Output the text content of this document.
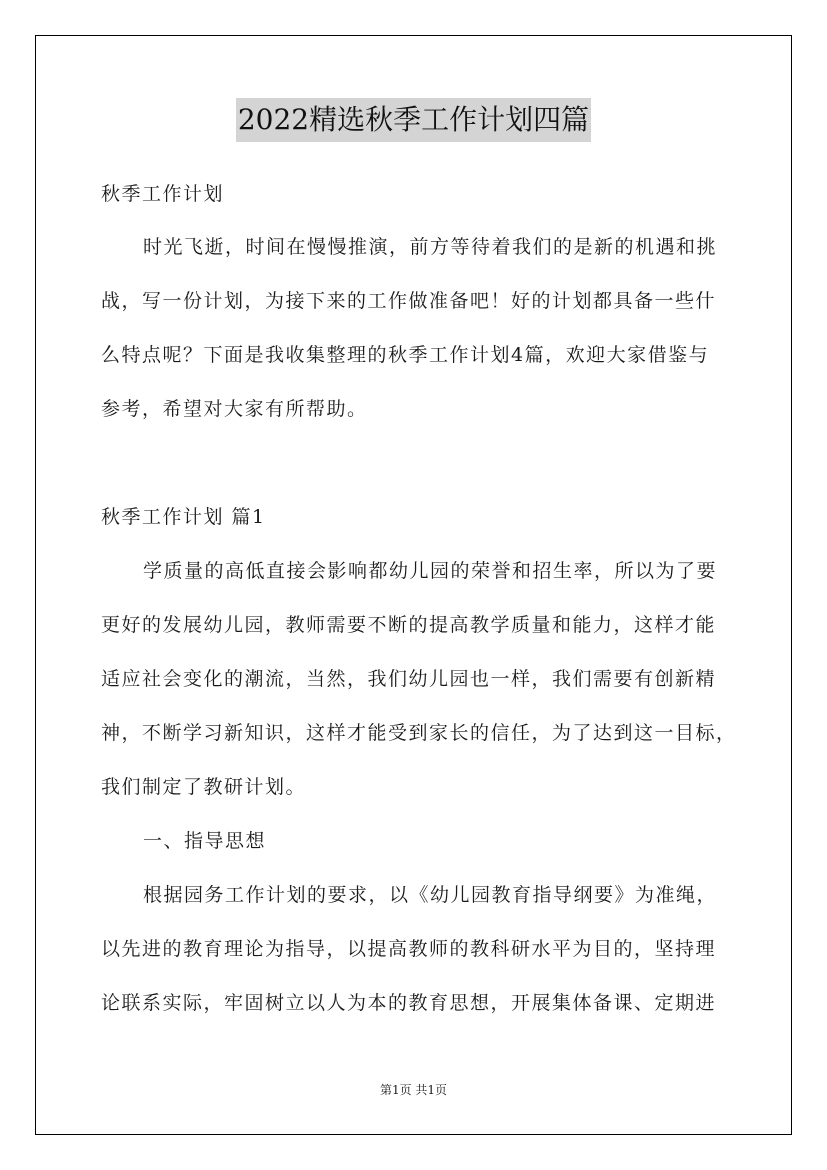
2022精选秋季工作计划四篇
秋季工作计划
时光飞逝，时间在慢慢推演，前方等待着我们的是新的机遇和挑
战，写一份计划，为接下来的工作做准备吧！好的计划都具备一些什
么特点呢？下面是我收集整理的秋季工作计划4篇，欢迎大家借鉴与
参考，希望对大家有所帮助。
秋季工作计划 篇1
学质量的高低直接会影响都幼儿园的荣誉和招生率，所以为了要
更好的发展幼儿园，教师需要不断的提高教学质量和能力，这样才能
适应社会变化的潮流，当然，我们幼儿园也一样，我们需要有创新精
神，不断学习新知识，这样才能受到家长的信任，为了达到这一目标，
我们制定了教研计划。
一、指导思想
根据园务工作计划的要求，以《幼儿园教育指导纲要》为准绳，
以先进的教育理论为指导，以提高教师的教科研水平为目的，坚持理
论联系实际，牢固树立以人为本的教育思想，开展集体备课、定期进
第1页 共1页
